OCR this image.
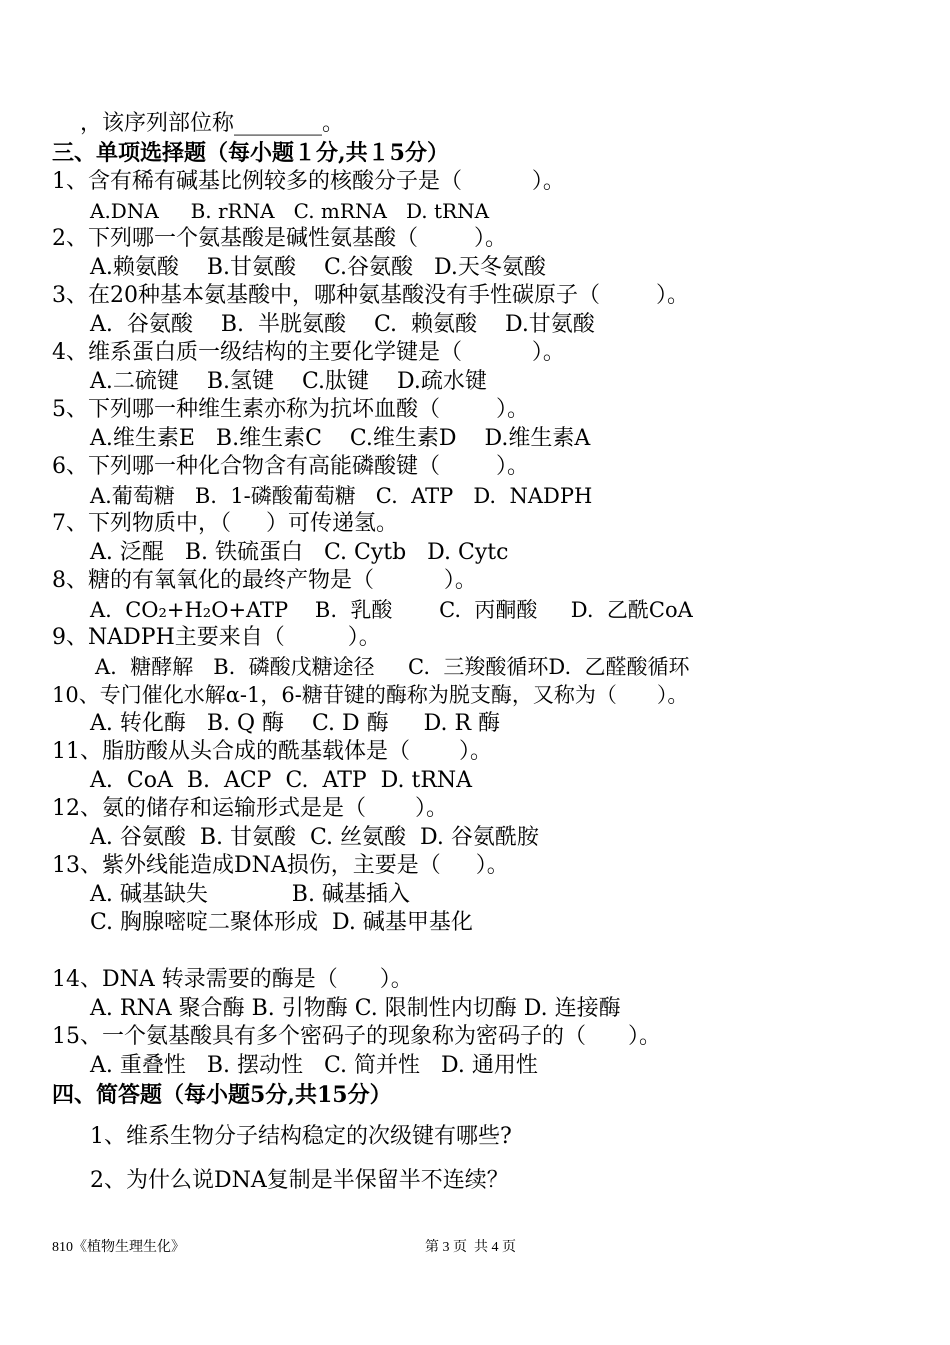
，该序列部位称________。
三、单项选择题（每小题１分,共１5分）
1、含有稀有碱基比例较多的核酸分子是（          ）。
A.DNA     B. rRNA   C. mRNA   D. tRNA
2、下列哪一个氨基酸是碱性氨基酸（        ）。
A.赖氨酸    B.甘氨酸    C.谷氨酸   D.天冬氨酸
3、在20种基本氨基酸中，哪种氨基酸没有手性碳原子（        ）。
A.  谷氨酸    B.  半胱氨酸    C.  赖氨酸    D.甘氨酸
4、维系蛋白质一级结构的主要化学键是（          ）。
A.二硫键    B.氢键    C.肽键    D.疏水键
5、下列哪一种维生素亦称为抗坏血酸（        ）。
A.维生素E   B.维生素C    C.维生素D    D.维生素A
6、下列哪一种化合物含有高能磷酸键（        ）。
A.葡萄糖   B.  1-磷酸葡萄糖   C.  ATP   D.  NADPH
7、下列物质中，（     ）可传递氢。
A. 泛醌   B. 铁硫蛋白   C. Cytb   D. Cytc
8、糖的有氧氧化的最终产物是（          ）。
A.  CO₂+H₂O+ATP    B.  乳酸       C.  丙酮酸     D.  乙酰CoA
9、NADPH主要来自（         ）。
A.  糖酵解   B.  磷酸戊糖途径     C.  三羧酸循环D.  乙醛酸循环
10、专门催化水解α-1，6-糖苷键的酶称为脱支酶，又称为（      ）。
A. 转化酶   B. Q 酶    C. D 酶     D. R 酶
11、脂肪酸从头合成的酰基载体是（       ）。
A.  CoA  B.  ACP  C.  ATP  D. tRNA
12、氨的储存和运输形式是是（       ）。
A. 谷氨酸  B. 甘氨酸  C. 丝氨酸  D. 谷氨酰胺
13、紫外线能造成DNA损伤，主要是（     ）。
A. 碱基缺失            B. 碱基插入
C. 胸腺嘧啶二聚体形成  D. 碱基甲基化
14、DNA 转录需要的酶是（      ）。
A. RNA 聚合酶 B. 引物酶 C. 限制性内切酶 D. 连接酶
15、一个氨基酸具有多个密码子的现象称为密码子的（      ）。
A. 重叠性   B. 摆动性   C. 简并性   D. 通用性
四、简答题（每小题5分,共15分）
1、维系生物分子结构稳定的次级键有哪些?
2、为什么说DNA复制是半保留半不连续？
810《植物生理生化》	第 3 页  共 4 页
